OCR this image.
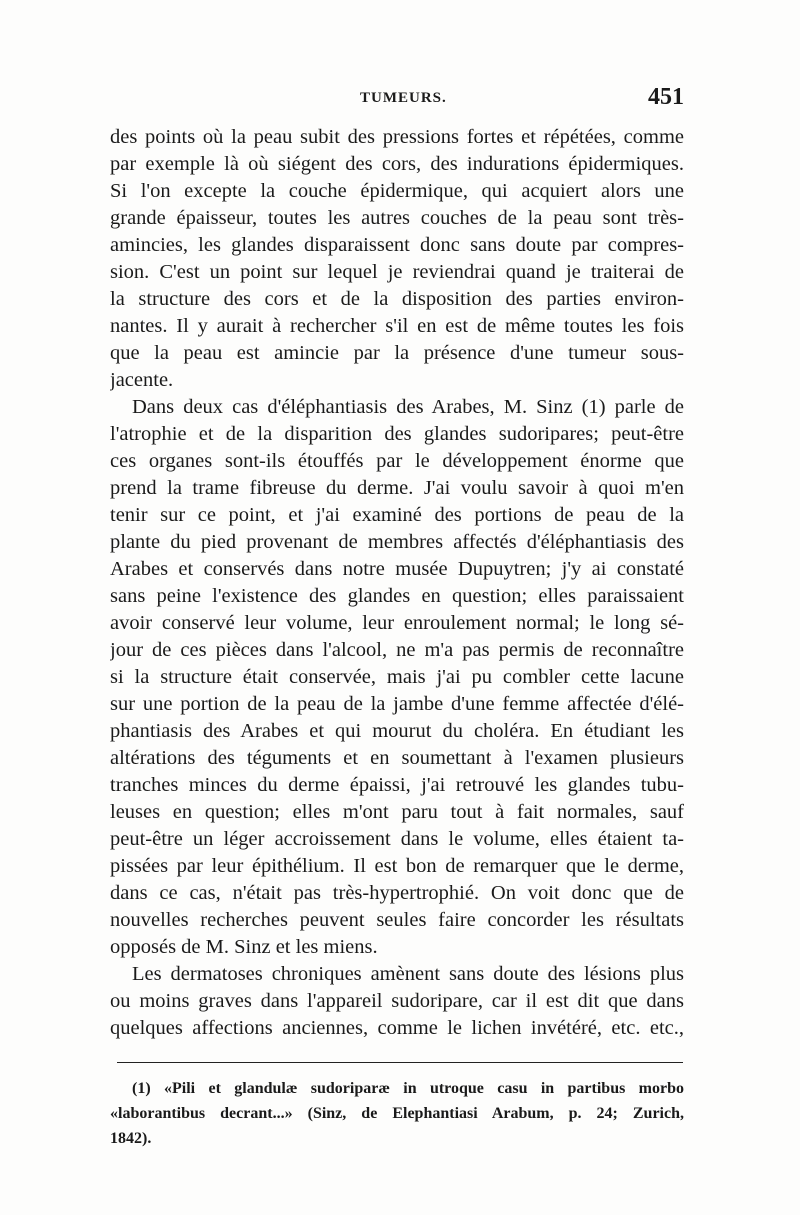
TUMEURS.	451
des points où la peau subit des pressions fortes et répétées, comme
par exemple là où siégent des cors, des indurations épidermiques.
Si l'on excepte la couche épidermique, qui acquiert alors une
grande épaisseur, toutes les autres couches de la peau sont très-
amincies, les glandes disparaissent donc sans doute par compres-
sion. C'est un point sur lequel je reviendrai quand je traiterai de
la structure des cors et de la disposition des parties environ-
nantes. Il y aurait à rechercher s'il en est de même toutes les fois
que la peau est amincie par la présence d'une tumeur sous-
jacente.
Dans deux cas d'éléphantiasis des Arabes, M. Sinz (1) parle de
l'atrophie et de la disparition des glandes sudoripares; peut-être
ces organes sont-ils étouffés par le développement énorme que
prend la trame fibreuse du derme. J'ai voulu savoir à quoi m'en
tenir sur ce point, et j'ai examiné des portions de peau de la
plante du pied provenant de membres affectés d'éléphantiasis des
Arabes et conservés dans notre musée Dupuytren; j'y ai constaté
sans peine l'existence des glandes en question; elles paraissaient
avoir conservé leur volume, leur enroulement normal; le long sé-
jour de ces pièces dans l'alcool, ne m'a pas permis de reconnaître
si la structure était conservée, mais j'ai pu combler cette lacune
sur une portion de la peau de la jambe d'une femme affectée d'élé-
phantiasis des Arabes et qui mourut du choléra. En étudiant les
altérations des téguments et en soumettant à l'examen plusieurs
tranches minces du derme épaissi, j'ai retrouvé les glandes tubu-
leuses en question; elles m'ont paru tout à fait normales, sauf
peut-être un léger accroissement dans le volume, elles étaient ta-
pissées par leur épithélium. Il est bon de remarquer que le derme,
dans ce cas, n'était pas très-hypertrophié. On voit donc que de
nouvelles recherches peuvent seules faire concorder les résultats
opposés de M. Sinz et les miens.
Les dermatoses chroniques amènent sans doute des lésions plus
ou moins graves dans l'appareil sudoripare, car il est dit que dans
quelques affections anciennes, comme le lichen invétéré, etc. etc.,
(1) «Pili et glandulæ sudoriparæ in utroque casu in partibus morbo
«laborantibus decrant...» (Sinz, de Elephantiasi Arabum, p. 24; Zurich,
1842).
